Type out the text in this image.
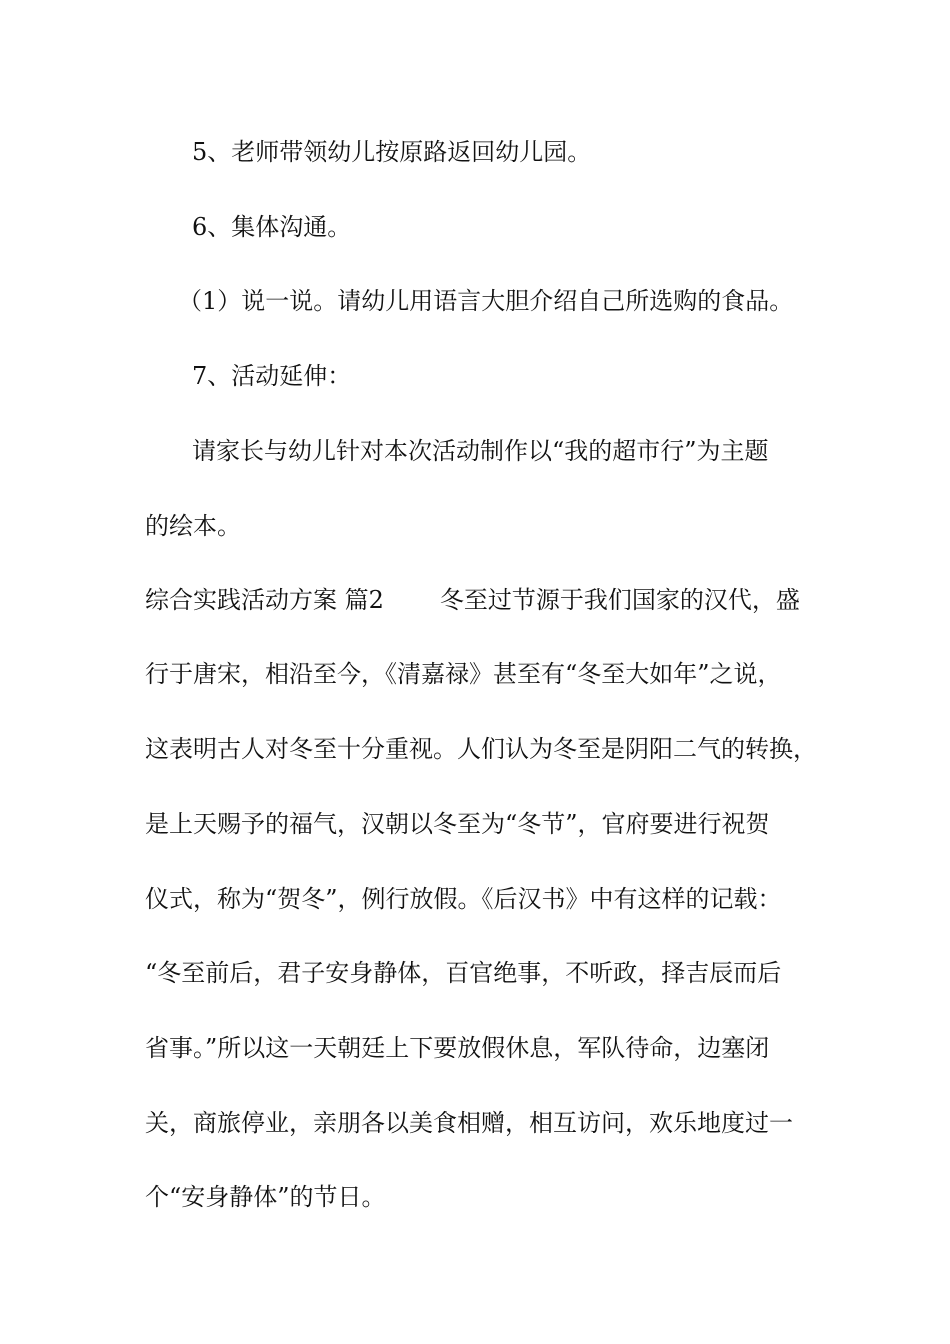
5、老师带领幼儿按原路返回幼儿园。
6、集体沟通。
（1）说一说。请幼儿用语言大胆介绍自己所选购的食品。
7、活动延伸：
请家长与幼儿针对本次活动制作以“我的超市行”为主题
的绘本。
综合实践活动方案 篇2 冬至过节源于我们国家的汉代，盛
行于唐宋，相沿至今，《清嘉禄》甚至有“冬至大如年”之说，
这表明古人对冬至十分重视。人们认为冬至是阴阳二气的转换，
是上天赐予的福气，汉朝以冬至为“冬节”，官府要进行祝贺
仪式，称为“贺冬”，例行放假。《后汉书》中有这样的记载：
“冬至前后，君子安身静体，百官绝事，不听政，择吉辰而后
省事。”所以这一天朝廷上下要放假休息，军队待命，边塞闭
关，商旅停业，亲朋各以美食相赠，相互访问，欢乐地度过一
个“安身静体”的节日。
